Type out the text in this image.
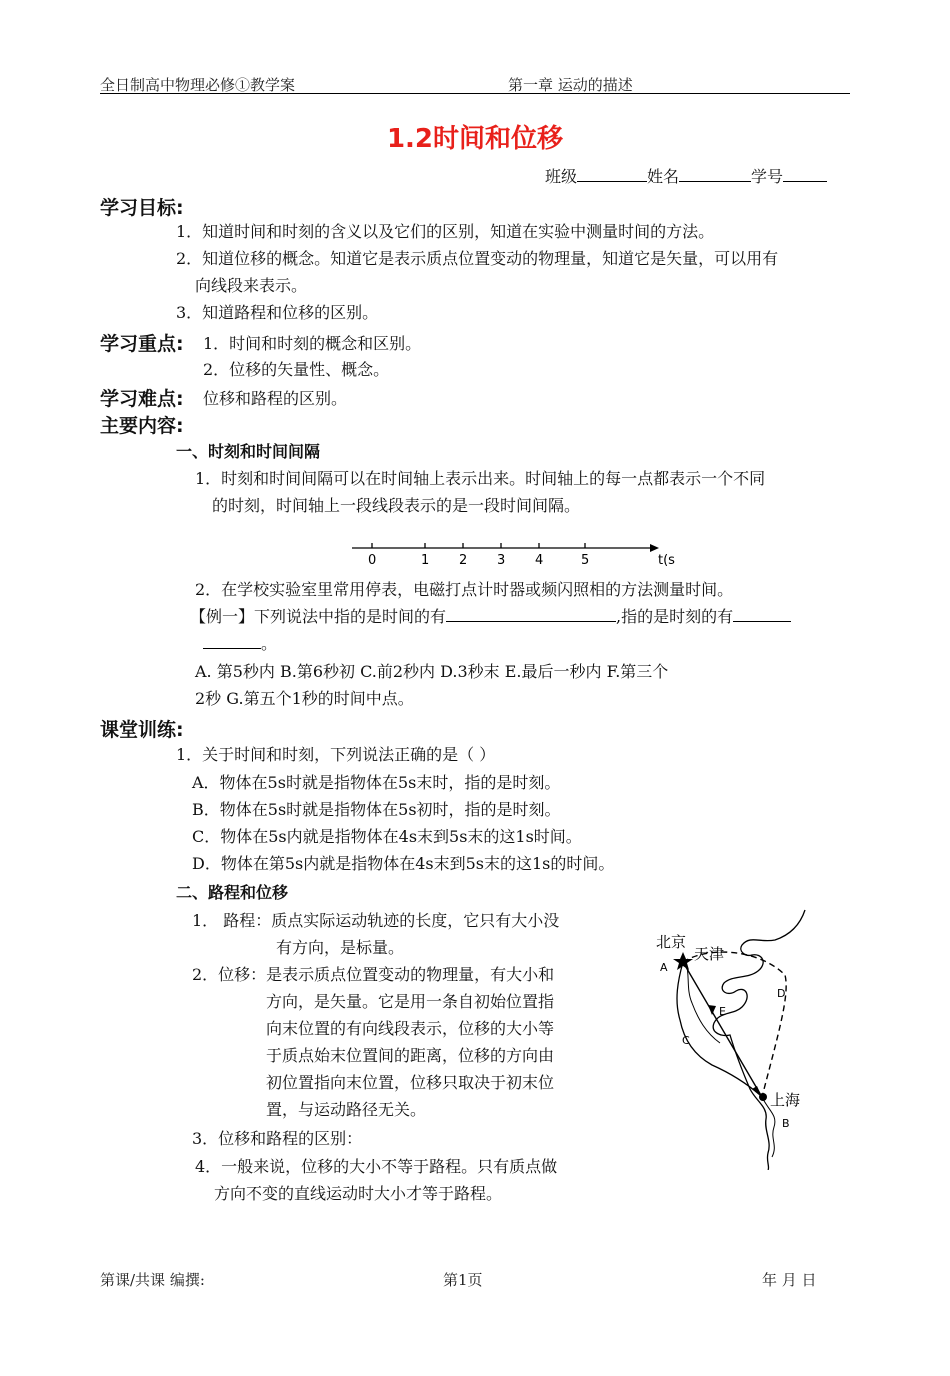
全日制高中物理必修①教学案	第一章 运动的描述
1.2时间和位移
班级	姓名	学号
学习目标:
1．知道时间和时刻的含义以及它们的区别，知道在实验中测量时间的方法。
2．知道位移的概念。知道它是表示质点位置变动的物理量，知道它是矢量，可以用有
向线段来表示。
3．知道路程和位移的区别。
学习重点: 1．时间和时刻的概念和区别。
2．位移的矢量性、概念。
学习难点: 位移和路程的区别。
主要内容:
一、时刻和时间间隔
1．时刻和时间间隔可以在时间轴上表示出来。时间轴上的每一点都表示一个不同
的时刻，时间轴上一段线段表示的是一段时间间隔。
0	1 2 3 4	5	t(s
2．在学校实验室里常用停表，电磁打点计时器或频闪照相的方法测量时间。
【例一】下列说法中指的是时间的有	,指的是时刻的有
。
A. 第5秒内 B.第6秒初 C.前2秒内 D.3秒末 E.最后一秒内 F.第三个
2秒 G.第五个1秒的时间中点。
课堂训练:
1．关于时间和时刻，下列说法正确的是（ ）
A．物体在5s时就是指物体在5s末时，指的是时刻。
B．物体在5s时就是指物体在5s初时，指的是时刻。
C．物体在5s内就是指物体在4s末到5s末的这1s时间。
D．物体在第5s内就是指物体在4s末到5s末的这1s的时间。
二、路程和位移
1． 路程：质点实际运动轨迹的长度，它只有大小没
有方向，是标量。
2．位移：是表示质点位置变动的物理量，有大小和
方向，是矢量。它是用一条自初始位置指
向末位置的有向线段表示，位移的大小等
于质点始末位置间的距离，位移的方向由
初位置指向末位置，位移只取决于初末位
置，与运动路径无关。
3．位移和路程的区别：
4．一般来说，位移的大小不等于路程。只有质点做
方向不变的直线运动时大小才等于路程。
北京
天津
上海
A
B
C
D
E
第课/共课 编撰:	第1页	年 月 日
